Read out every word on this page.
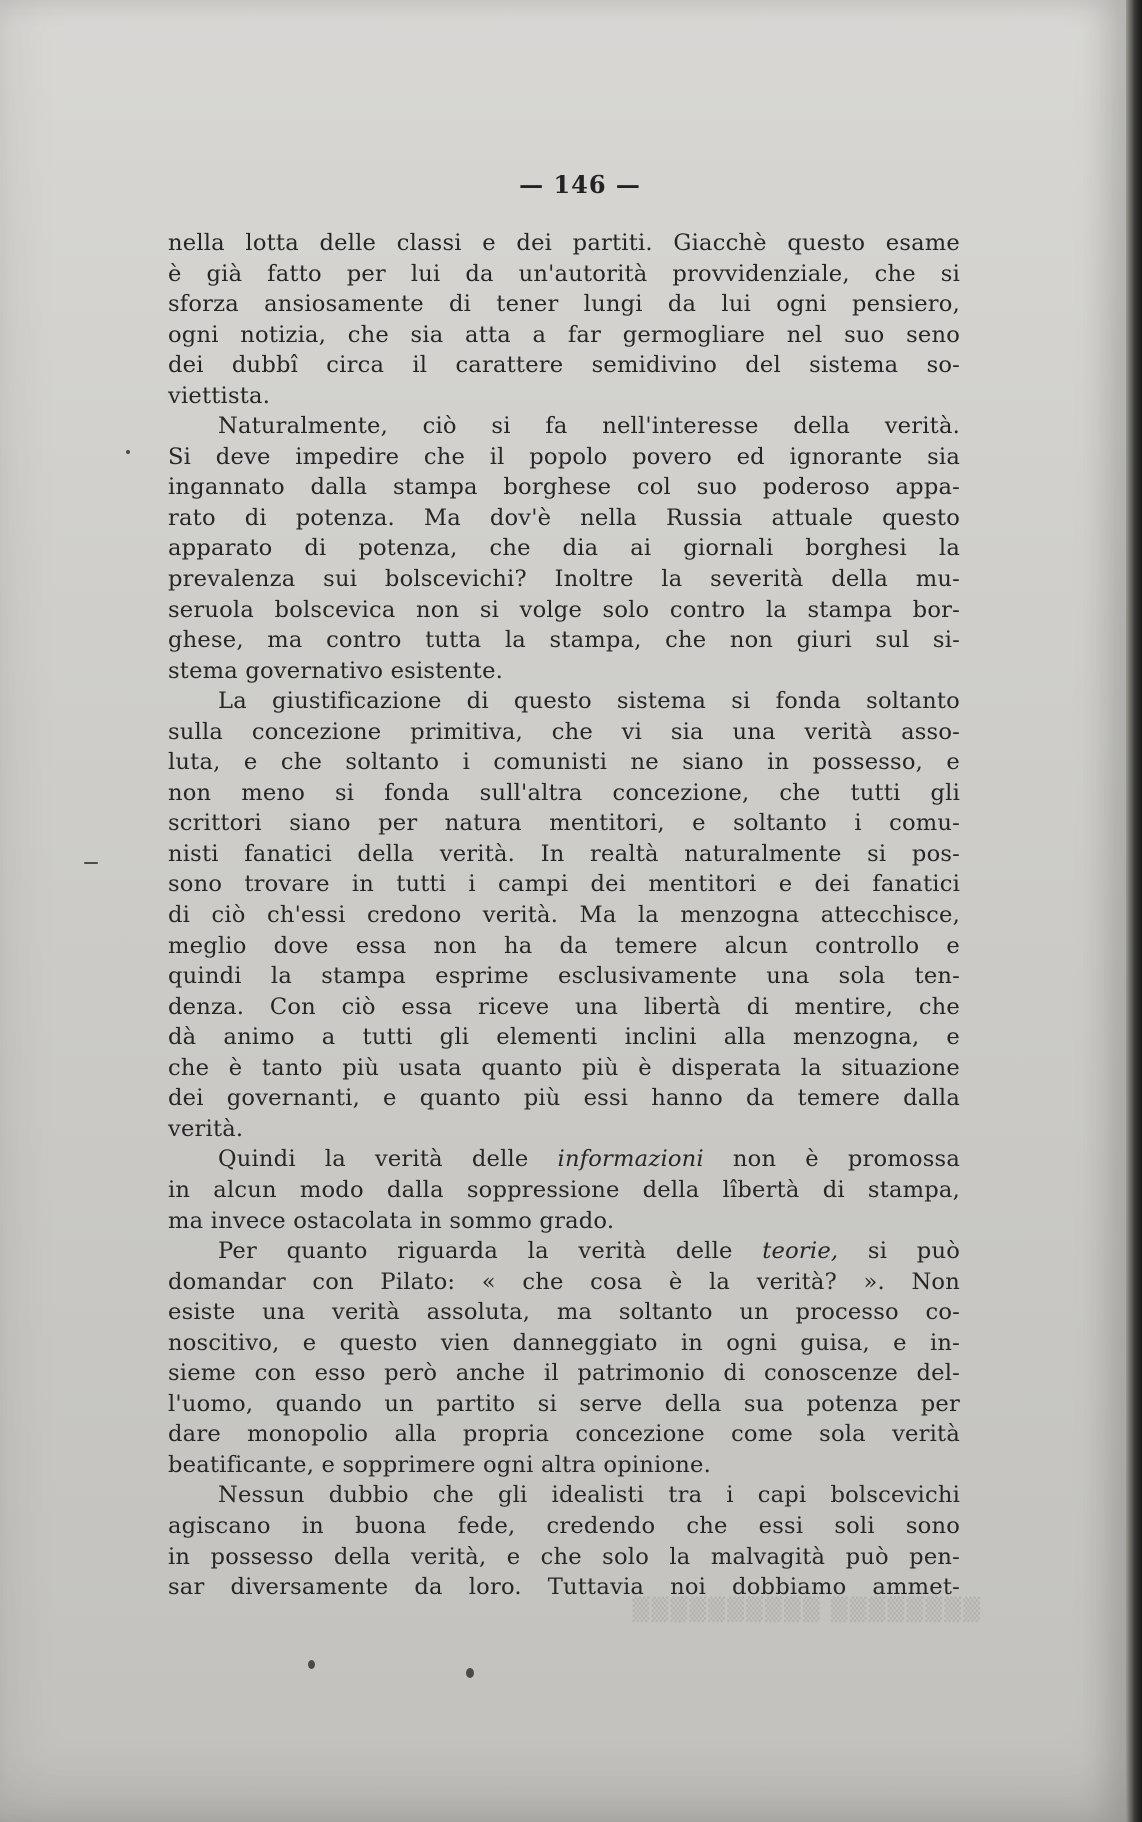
— 146 —
nella lotta delle classi e dei partiti. Giacchè questo esame
è già fatto per lui da un'autorità provvidenziale, che si
sforza ansiosamente di tener lungi da lui ogni pensiero,
ogni notizia, che sia atta a far germogliare nel suo seno
dei dubbî circa il carattere semidivino del sistema so-
viettista.
Naturalmente, ciò si fa nell'interesse della verità.
Si deve impedire che il popolo povero ed ignorante sia
ingannato dalla stampa borghese col suo poderoso appa-
rato di potenza. Ma dov'è nella Russia attuale questo
apparato di potenza, che dia ai giornali borghesi la
prevalenza sui bolscevichi? Inoltre la severità della mu-
seruola bolscevica non si volge solo contro la stampa bor-
ghese, ma contro tutta la stampa, che non giuri sul si-
stema governativo esistente.
La giustificazione di questo sistema si fonda soltanto
sulla concezione primitiva, che vi sia una verità asso-
luta, e che soltanto i comunisti ne siano in possesso, e
non meno si fonda sull'altra concezione, che tutti gli
scrittori siano per natura mentitori, e soltanto i comu-
nisti fanatici della verità. In realtà naturalmente si pos-
sono trovare in tutti i campi dei mentitori e dei fanatici
di ciò ch'essi credono verità. Ma la menzogna attecchisce,
meglio dove essa non ha da temere alcun controllo e
quindi la stampa esprime esclusivamente una sola ten-
denza. Con ciò essa riceve una libertà di mentire, che
dà animo a tutti gli elementi inclini alla menzogna, e
che è tanto più usata quanto più è disperata la situazione
dei governanti, e quanto più essi hanno da temere dalla
verità.
Quindi la verità delle informazioni non è promossa
in alcun modo dalla soppressione della lîbertà di stampa,
ma invece ostacolata in sommo grado.
Per quanto riguarda la verità delle teorie, si può
domandar con Pilato: « che cosa è la verità? ». Non
esiste una verità assoluta, ma soltanto un processo co-
noscitivo, e questo vien danneggiato in ogni guisa, e in-
sieme con esso però anche il patrimonio di conoscenze del-
l'uomo, quando un partito si serve della sua potenza per
dare monopolio alla propria concezione come sola verità
beatificante, e sopprimere ogni altra opinione.
Nessun dubbio che gli idealisti tra i capi bolscevichi
agiscano in buona fede, credendo che essi soli sono
in possesso della verità, e che solo la malvagità può pen-
sar diversamente da loro. Tuttavia noi dobbiamo ammet-
▒▒▒▒▒▒▒▒ ▒▒▒▒▒▒▒▒▒▒
